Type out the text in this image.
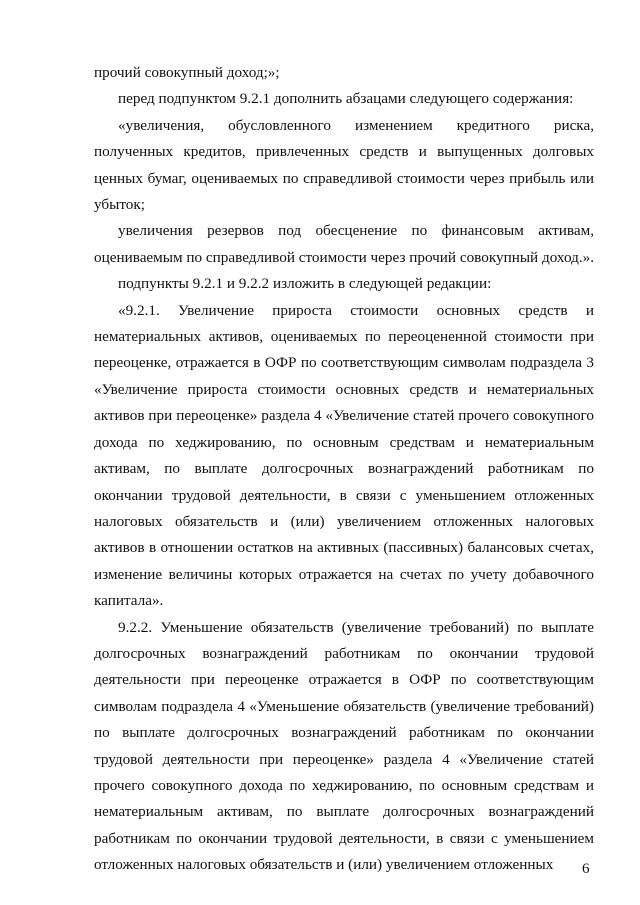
прочий совокупный доход;»;

перед подпунктом 9.2.1 дополнить абзацами следующего содержания:

«увеличения, обусловленного изменением кредитного риска, полученных кредитов, привлеченных средств и выпущенных долговых ценных бумаг, оцениваемых по справедливой стоимости через прибыль или убыток;

увеличения резервов под обесценение по финансовым активам, оцениваемым по справедливой стоимости через прочий совокупный доход.».

подпункты 9.2.1 и 9.2.2 изложить в следующей редакции:

«9.2.1. Увеличение прироста стоимости основных средств и нематериальных активов, оцениваемых по переоцененной стоимости при переоценке, отражается в ОФР по соответствующим символам подраздела 3 «Увеличение прироста стоимости основных средств и нематериальных активов при переоценке» раздела 4 «Увеличение статей прочего совокупного дохода по хеджированию, по основным средствам и нематериальным активам, по выплате долгосрочных вознаграждений работникам по окончании трудовой деятельности, в связи с уменьшением отложенных налоговых обязательств и (или) увеличением отложенных налоговых активов в отношении остатков на активных (пассивных) балансовых счетах, изменение величины которых отражается на счетах по учету добавочного капитала».

9.2.2. Уменьшение обязательств (увеличение требований) по выплате долгосрочных вознаграждений работникам по окончании трудовой деятельности при переоценке отражается в ОФР по соответствующим символам подраздела 4 «Уменьшение обязательств (увеличение требований) по выплате долгосрочных вознаграждений работникам по окончании трудовой деятельности при переоценке» раздела 4 «Увеличение статей прочего совокупного дохода по хеджированию, по основным средствам и нематериальным активам, по выплате долгосрочных вознаграждений работникам по окончании трудовой деятельности, в связи с уменьшением отложенных налоговых обязательств и (или) увеличением отложенных	6
